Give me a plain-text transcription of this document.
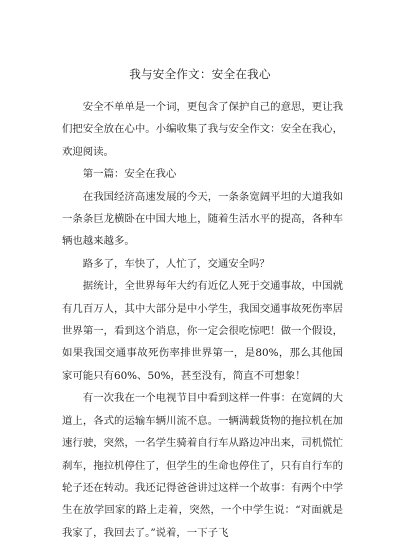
我与安全作文：安全在我心

安全不单单是一个词，更包含了保护自己的意思，更让我们把安全放在心中。小编收集了我与安全作文：安全在我心，欢迎阅读。

第一篇：安全在我心

在我国经济高速发展的今天，一条条宽阔平坦的大道我如一条条巨龙横卧在中国大地上，随着生活水平的提高，各种车辆也越来越多。

路多了，车快了，人忙了，交通安全吗？

据统计，全世界每年大约有近亿人死于交通事故，中国就有几百万人，其中大部分是中小学生，我国交通事故死伤率居世界第一，看到这个消息，你一定会很吃惊吧！做一个假设，如果我国交通事故死伤率排世界第一，是80%，那么其他国家可能只有60%、50%，甚至没有，简直不可想象！

有一次我在一个电视节目中看到这样一件事：在宽阔的大道上，各式的运输车辆川流不息。一辆满载货物的拖拉机在加速行驶，突然，一名学生骑着自行车从路边冲出来，司机慌忙刹车，拖拉机停住了，但学生的生命也停住了，只有自行车的轮子还在转动。我还记得爸爸讲过这样一个故事：有两个中学生在放学回家的路上走着，突然，一个中学生说：“对面就是我家了，我回去了。”说着，一下子飞
